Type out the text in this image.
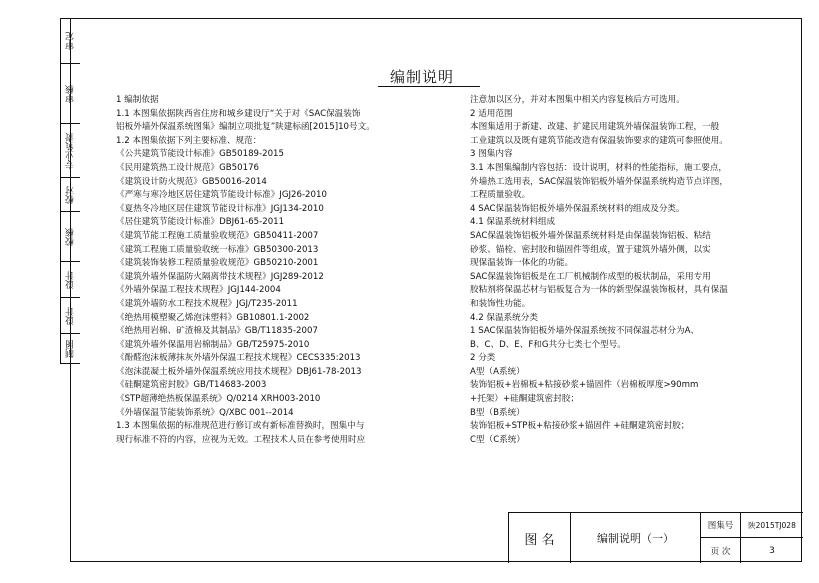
审定
审核
专业负责
校对
校核
设计
设计
制图
编制说明

1 编制依据

1.1 本图集依据陕西省住房和城乡建设厅“关于对《SAC保温装饰

铝板外墙外保温系统图集》编制立项批复”陕建标函[2015]10号文。

1.2 本图集依据下列主要标准、规范：

《公共建筑节能设计标准》GB50189-2015

《民用建筑热工设计规范》GB50176

《建筑设计防火规范》GB50016-2014

《严寒与寒冷地区居住建筑节能设计标准》JGJ26-2010

《夏热冬冷地区居住建筑节能设计标准》JGJ134-2010

《居住建筑节能设计标准》DBJ61-65-2011

《建筑节能工程施工质量验收规范》GB50411-2007

《建筑工程施工质量验收统一标准》GB50300-2013

《建筑装饰装修工程质量验收规范》GB50210-2001

《建筑外墙外保温防火隔离带技术规程》JGJ289-2012

《外墙外保温工程技术规程》JGJ144-2004

《建筑外墙防水工程技术规程》JGJ/T235-2011

《绝热用模塑聚乙烯泡沫塑料》GB10801.1-2002

《绝热用岩棉、矿渣棉及其制品》GB/T11835-2007

《建筑外墙外保温用岩棉制品》GB/T25975-2010

《酚醛泡沫板薄抹灰外墙外保温工程技术规程》CECS335:2013

《泡沫混凝土板外墙外保温系统应用技术规程》DBJ61-78-2013

《硅酮建筑密封胶》GB/T14683-2003

《STP超薄绝热板保温系统》Q/0214 XRH003-2010

《外墙保温节能装饰系统》Q/XBC 001--2014

1.3 本图集依据的标准规范进行修订或有新标准替换时，图集中与

现行标准不符的内容，应视为无效。工程技术人员在参考使用时应

注意加以区分，并对本图集中相关内容复核后方可选用。

2 适用范围

本图集适用于新建、改建、扩建民用建筑外墙保温装饰工程，一般

工业建筑以及既有建筑节能改造有保温装饰要求的建筑可参照使用。

3 图集内容

3.1 本图集编制内容包括：设计说明，材料的性能指标，施工要点，

外墙热工选用表，SAC保温装饰铝板外墙外保温系统构造节点详图，

工程质量验收。

4 SAC保温装饰铝板外墙外保温系统材料的组成及分类。

4.1 保温系统材料组成

SAC保温装饰铝板外墙外保温系统材料是由保温装饰铝板、粘结

砂浆、锚栓、密封胶和锚固件等组成，置于建筑外墙外侧，以实

现保温装饰一体化的功能。

SAC保温装饰铝板是在工厂机械制作成型的板状制品，采用专用

胶粘剂将保温芯材与铝板复合为一体的新型保温装饰板材，具有保温

和装饰性功能。

4.2 保温系统分类

1 SAC保温装饰铝板外墙外保温系统按不同保温芯材分为A、

B、C、D、E、F和G共分七类七个型号。

2 分类

A型（A系统）

装饰铝板+岩棉板+粘接砂浆+锚固件（岩棉板厚度>90mm

+托架）+硅酮建筑密封胶；

B型（B系统）

装饰铝板+STP板+粘接砂浆+锚固件 +硅酮建筑密封胶；

C型（C系统）

图 名	编制说明（一）
图集号	陕2015TJ028
页 次	3
